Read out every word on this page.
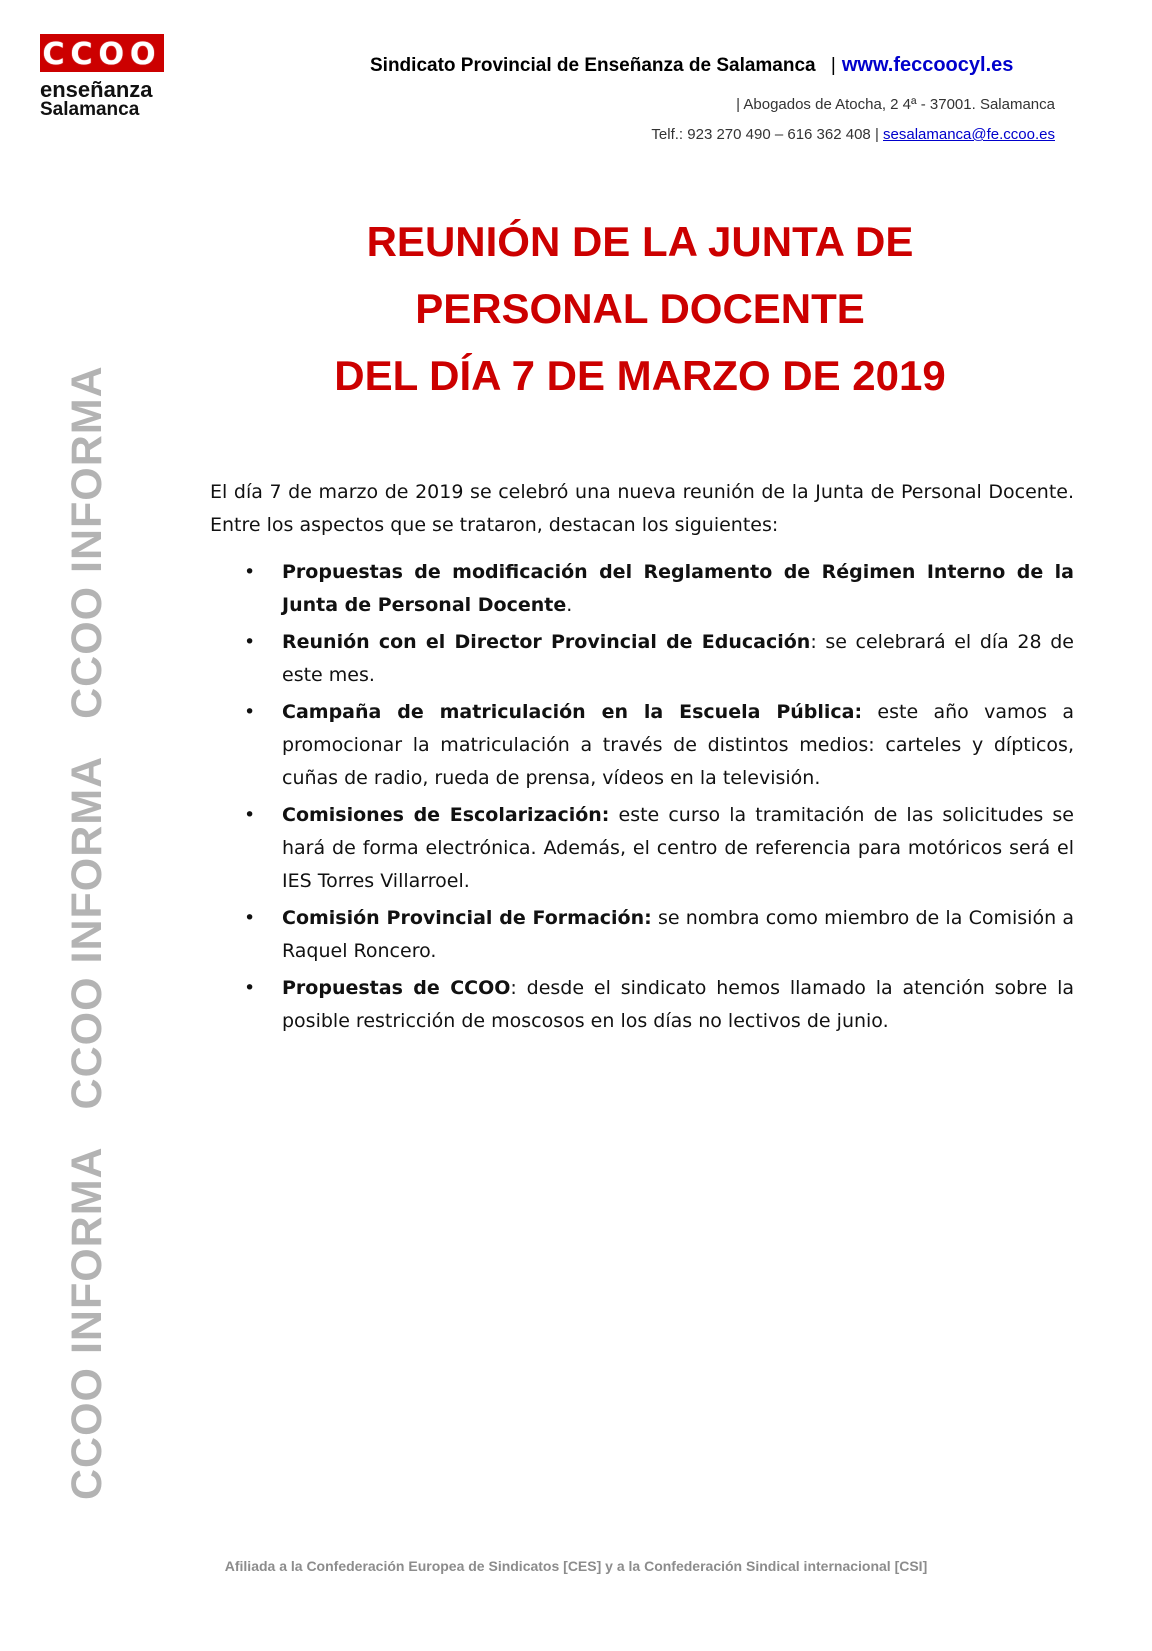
CCOO
enseñanza
Salamanca
Sindicato Provincial de Enseñanza de Salamanca | www.feccoocyl.es
| Abogados de Atocha, 2 4ª - 37001. Salamanca
Telf.: 923 270 490 – 616 362 408 | sesalamanca@fe.ccoo.es
CCOO INFORMA CCOO INFORMA CCOO INFORMA
REUNIÓN DE LA JUNTA DE
PERSONAL DOCENTE
DEL DÍA 7 DE MARZO DE 2019

El día 7 de marzo de 2019 se celebró una nueva reunión de la Junta de Personal Docente. Entre los aspectos que se trataron, destacan los siguientes:

• Propuestas de modificación del Reglamento de Régimen Interno de la Junta de Personal Docente.
• Reunión con el Director Provincial de Educación: se celebrará el día 28 de este mes.
• Campaña de matriculación en la Escuela Pública: este año vamos a promocionar la matriculación a través de distintos medios: carteles y dípticos, cuñas de radio, rueda de prensa, vídeos en la televisión.
• Comisiones de Escolarización: este curso la tramitación de las solicitudes se hará de forma electrónica. Además, el centro de referencia para motóricos será el IES Torres Villarroel.
• Comisión Provincial de Formación: se nombra como miembro de la Comisión a Raquel Roncero.
• Propuestas de CCOO: desde el sindicato hemos llamado la atención sobre la posible restricción de moscosos en los días no lectivos de junio.
Afiliada a la Confederación Europea de Sindicatos [CES] y a la Confederación Sindical internacional [CSI]
